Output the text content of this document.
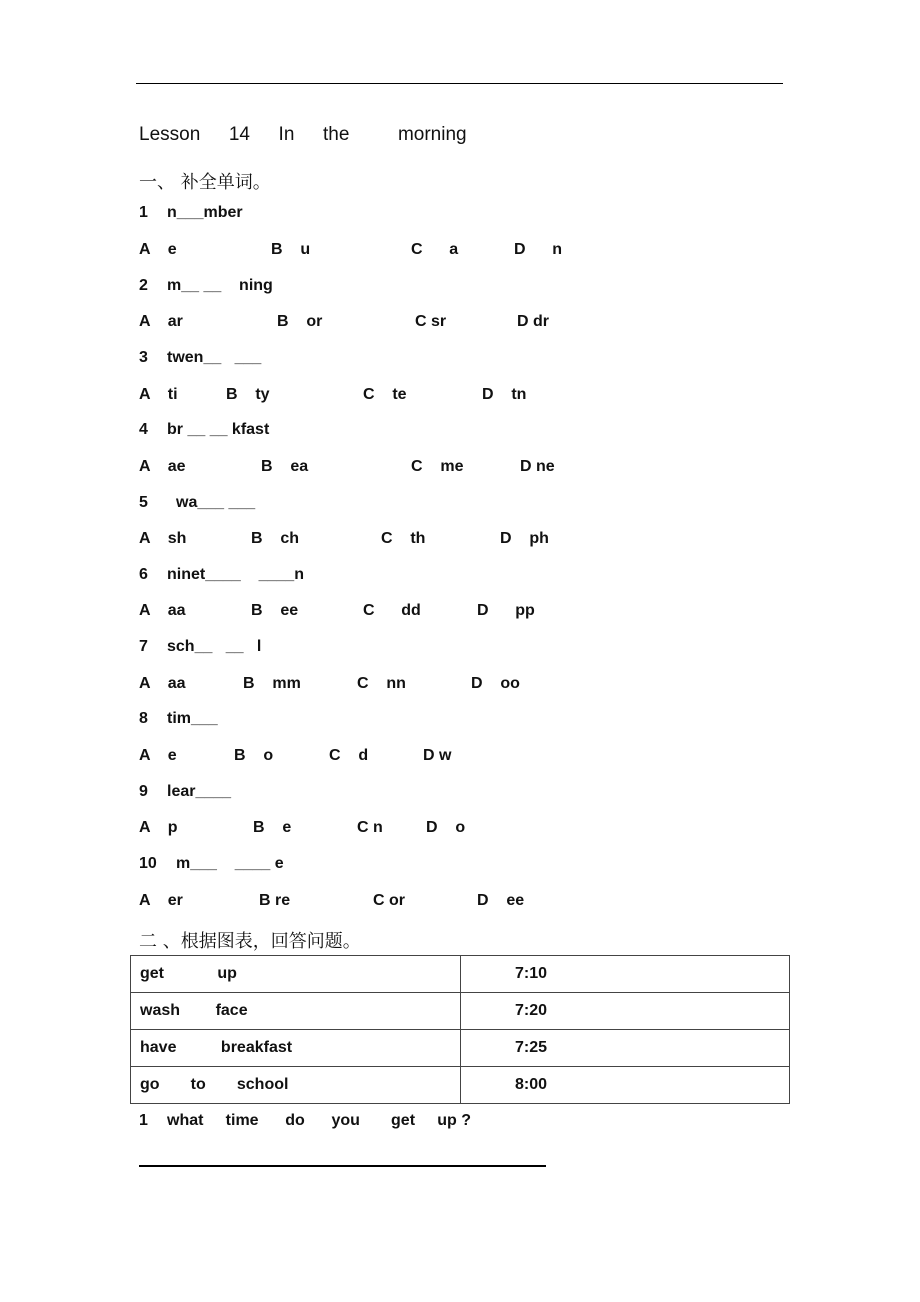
Lesson 14 In the	morning
一、 补全单词。

1

n___mber

A    e

	B    u

	C      a

	D      n

2

m__ __    ning

A    ar

	B    or

	C sr

	D dr

3

twen__   ___

A    ti

	B    ty

	C    te

	D    tn

4

br __ __ kfast

A    ae

	B    ea

	C    me

	D ne

5

wa___ ___

A    sh

	B    ch

	C    th

	D    ph

6

ninet____    ____n

A    aa

	B    ee

	C      dd

	D      pp

7

sch__   __   l

A    aa

	B    mm

	C    nn

	D    oo

8

tim___

A    e

	B    o

	C    d

	D w

9

lear____

A    p

	B    e

	C n

	D    o

10

m___    ____ e

A    er

	B re

	C or

	D    ee

二 、根据图表，回答问题。
get            up	7:10
wash        face	7:20
have          breakfast	7:25
go       to       school	8:00

1

what     time      do      you       get     up ?
